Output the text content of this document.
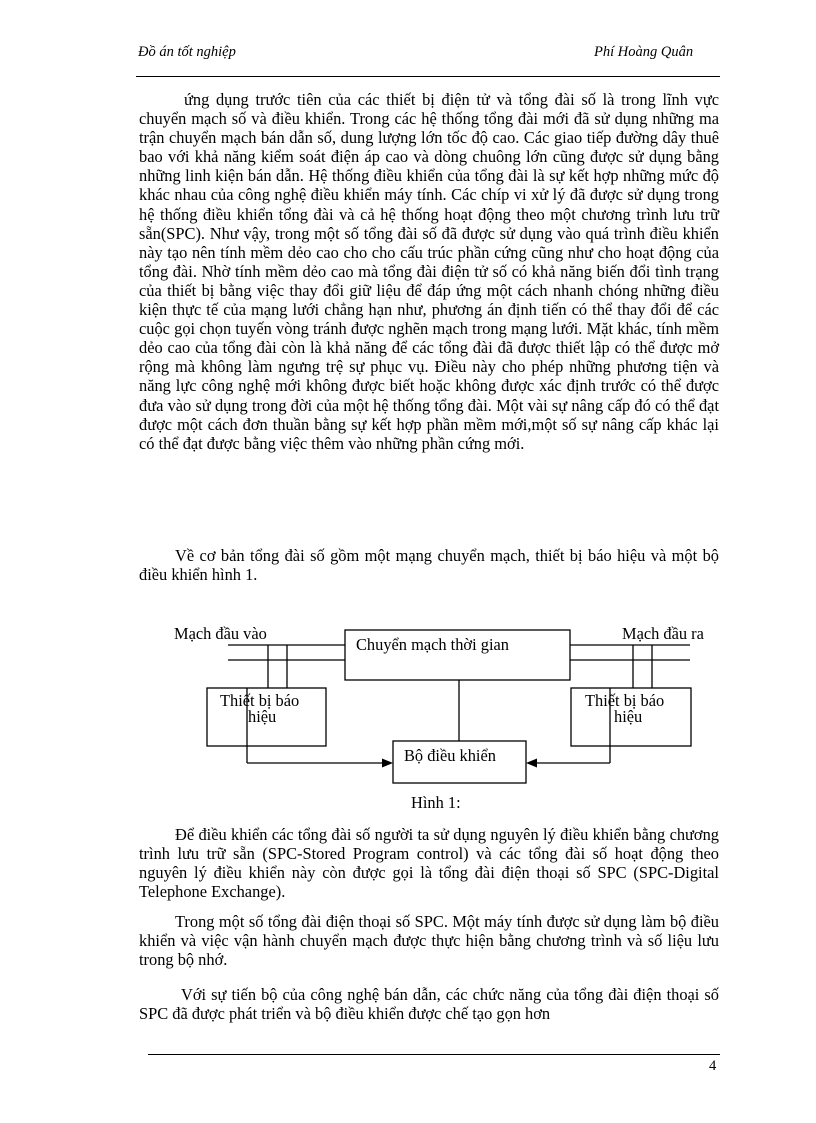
Đồ án tốt nghiệp	Phí Hoàng Quân
ứng dụng trước tiên của các thiết bị điện tử và tổng đài số là trong lĩnh vực chuyển mạch số và điều khiển. Trong các hệ thống tổng đài mới đã sử dụng những ma trận chuyển mạch bán dẫn số, dung lượng lớn tốc độ cao. Các giao tiếp đường dây thuê bao với khả năng kiểm soát điện áp cao và dòng chuông lớn cũng được sử dụng bằng những linh kiện bán dẫn. Hệ thống điều khiển của tổng đài là sự kết hợp những mức độ khác nhau của công nghệ điều khiển máy tính. Các chíp vi xử lý đã được sử dụng trong hệ thống điều khiển tổng đài và cả hệ thống hoạt động theo một chương trình lưu trữ sẵn(SPC). Như vậy, trong một số tổng đài số đã được sử dụng vào quá trình điều khiển này tạo nên tính mềm dẻo cao cho cho cấu trúc phần cứng cũng như cho hoạt động của tổng đài. Nhờ tính mềm dẻo cao mà tổng đài điện tử số có khả năng biến đổi tình trạng của thiết bị bằng việc thay đổi giữ liệu để đáp ứng một cách nhanh chóng những điều kiện thực tế của mạng lưới chẳng hạn như, phương án định tiến có thể thay đổi để các cuộc gọi chọn tuyến vòng tránh được nghẽn mạch trong mạng lưới. Mặt khác, tính mềm dẻo cao của tổng đài còn là khả năng để các tổng đài đã được thiết lập có thể được mở rộng mà không làm ngưng trệ sự phục vụ. Điều này cho phép những phương tiện và năng lực công nghệ mới không được biết hoặc không được xác định trước có thể được đưa vào sử dụng trong đời của một hệ thống tổng đài. Một vài sự nâng cấp đó có thể đạt được một cách đơn thuần bằng sự kết hợp phần mềm mới,một số sự nâng cấp khác lại có thể đạt được bằng việc thêm vào những phần cứng mới.
Về cơ bản tổng đài số gồm một mạng chuyển mạch, thiết bị báo hiệu và một bộ điều khiển hình 1.
Chuyển mạch thời gian
Mạch đầu vào	Mạch đầu ra
Thiết bị báo
hiệu
Thiết bị báo
hiệu
Bộ điều khiển
Hình 1:
Để điều khiển các tổng đài số người ta sử dụng nguyên lý điều khiển bằng chương trình lưu trữ sẵn (SPC-Stored Program control) và các tổng đài số hoạt động theo nguyên lý điều khiển này còn được gọi là tổng đài điện thoại số SPC (SPC-Digital Telephone Exchange).
Trong một số tổng đài điện thoại số SPC. Một máy tính được sử dụng làm bộ điều khiển và việc vận hành chuyển mạch được thực hiện bằng chương trình và số liệu lưu trong bộ nhớ.
Với sự tiến bộ của công nghệ bán dẫn, các chức năng của tổng đài điện thoại số SPC đã được phát triển và bộ điều khiển được chế tạo gọn hơn
4
